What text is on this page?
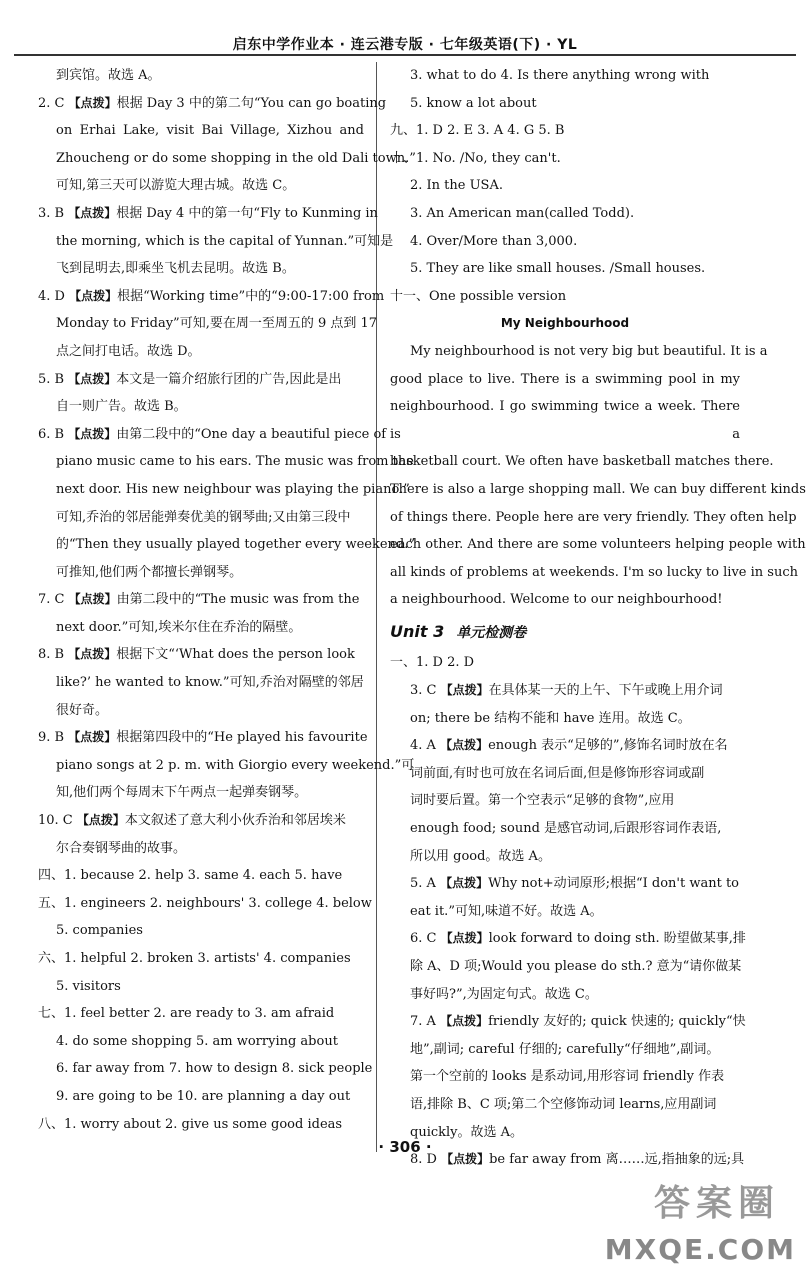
启东中学作业本 · 连云港专版 · 七年级英语(下) · YL
到宾馆。故选 A。
2. C 【点拨】根据 Day 3 中的第二句“You can go boating
on Erhai Lake, visit Bai Village, Xizhou and
Zhoucheng or do some shopping in the old Dali town.”
可知,第三天可以游览大理古城。故选 C。
3. B 【点拨】根据 Day 4 中的第一句“Fly to Kunming in
the morning, which is the capital of Yunnan.”可知是
飞到昆明去,即乘坐飞机去昆明。故选 B。
4. D 【点拨】根据“Working time”中的“9:00-17:00 from
Monday to Friday”可知,要在周一至周五的 9 点到 17
点之间打电话。故选 D。
5. B 【点拨】本文是一篇介绍旅行团的广告,因此是出
自一则广告。故选 B。
6. B 【点拨】由第二段中的“One day a beautiful piece of
piano music came to his ears. The music was from the
next door. His new neighbour was playing the piano.”
可知,乔治的邻居能弹奏优美的钢琴曲;又由第三段中
的“Then they usually played together every weekend.”
可推知,他们两个都擅长弹钢琴。
7. C 【点拨】由第二段中的“The music was from the
next door.”可知,埃米尔住在乔治的隔壁。
8. B 【点拨】根据下文“‘What does the person look
like?’ he wanted to know.”可知,乔治对隔壁的邻居
很好奇。
9. B 【点拨】根据第四段中的“He played his favourite
piano songs at 2 p. m. with Giorgio every weekend.”可
知,他们两个每周末下午两点一起弹奏钢琴。
10. C 【点拨】本文叙述了意大利小伙乔治和邻居埃米
尔合奏钢琴曲的故事。
四、1. because 2. help 3. same 4. each 5. have
五、1. engineers 2. neighbours' 3. college 4. below
5. companies
六、1. helpful 2. broken 3. artists' 4. companies
5. visitors
七、1. feel better 2. are ready to 3. am afraid
4. do some shopping 5. am worrying about
6. far away from 7. how to design 8. sick people
9. are going to be 10. are planning a day out
八、1. worry about 2. give us some good ideas
3. what to do 4. Is there anything wrong with
5. know a lot about
九、1. D 2. E 3. A 4. G 5. B
十、1. No. /No, they can't.
2. In the USA.
3. An American man(called Todd).
4. Over/More than 3,000.
5. They are like small houses. /Small houses.
十一、One possible version
My Neighbourhood
My neighbourhood is not very big but beautiful. It is a
good place to live. There is a swimming pool in my
neighbourhood. I go swimming twice a week. There is a
basketball court. We often have basketball matches there.
There is also a large shopping mall. We can buy different kinds
of things there. People here are very friendly. They often help
each other. And there are some volunteers helping people with
all kinds of problems at weekends. I'm so lucky to live in such
a neighbourhood. Welcome to our neighbourhood!
Unit 3 单元检测卷
一、1. D 2. D
3. C 【点拨】在具体某一天的上午、下午或晚上用介词
on; there be 结构不能和 have 连用。故选 C。
4. A 【点拨】enough 表示“足够的”,修饰名词时放在名
词前面,有时也可放在名词后面,但是修饰形容词或副
词时要后置。第一个空表示“足够的食物”,应用
enough food; sound 是感官动词,后跟形容词作表语,
所以用 good。故选 A。
5. A 【点拨】Why not+动词原形;根据“I don't want to
eat it.”可知,味道不好。故选 A。
6. C 【点拨】look forward to doing sth. 盼望做某事,排
除 A、D 项;Would you please do sth.? 意为“请你做某
事好吗?”,为固定句式。故选 C。
7. A 【点拨】friendly 友好的; quick 快速的; quickly“快
地”,副词; careful 仔细的; carefully“仔细地”,副词。
第一个空前的 looks 是系动词,用形容词 friendly 作表
语,排除 B、C 项;第二个空修饰动词 learns,应用副词
quickly。故选 A。
8. D 【点拨】be far away from 离……远,指抽象的远;具
· 306 ·
答案圈
MXQE.COM
